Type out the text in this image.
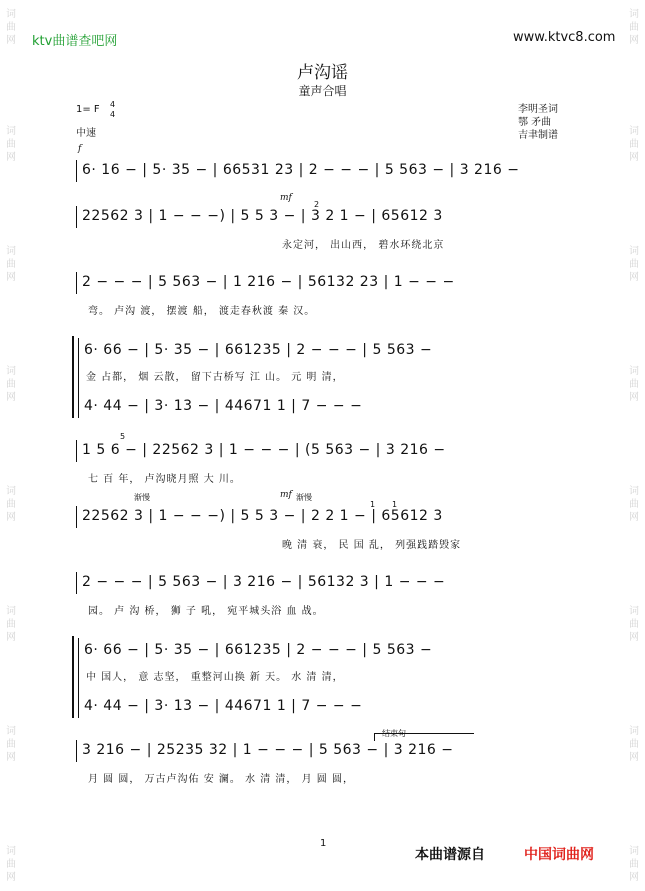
词
曲
网
词
曲
网
词
曲
网
词
曲
网
词
曲
网
词
曲
网
词
曲
网
词
曲
网
词
曲
网
词
曲
网
词
曲
网
词
曲
网
词
曲
网
词
曲
网
词
曲
网
词
曲
网
ktv曲谱查吧网	www.ktvc8.com
卢沟谣
童声合唱
1= F 4
4
中速
f
李明圣词
鄂 矛曲
吉聿制谱
6· 16 − | 5· 35 − | 66531 23 | 2 − − − | 5 563 − | 3 216 −
mf
2
22562 3 | 1 − − −) | 5 5 3 − | 3 2 1 − | 65612 3
永定河， 出山西， 碧水环绕北京
2 − − − | 5 563 − | 1 216 − | 56132 23 | 1 − − −
弯。 卢沟 渡， 摆渡 船， 渡走春秋渡 秦 汉。
6· 66 − | 5· 35 − | 661235 | 2 − − − | 5 563 −
金 占都， 烟 云散， 留下古桥写 江 山。 元 明 清，
4· 44 − | 3· 13 − | 44671 1 | 7 − − −
5
1 5 6 − | 22562 3 | 1 − − − | (5 563 − | 3 216 −
七 百 年， 卢沟晓月照 大 川。
渐慢	mf 渐慢
1 1
22562 3 | 1 − − −) | 5 5 3 − | 2 2 1 − | 65612 3
晚 清 衰， 民 国 乱， 列强践踏毁家
2 − − − | 5 563 − | 3 216 − | 56132 3 | 1 − − −
园。 卢 沟 桥， 狮 子 吼， 宛平城头浴 血 战。
6· 66 − | 5· 35 − | 661235 | 2 − − − | 5 563 −
中 国人， 意 志坚， 重整河山换 新 天。 水 清 清，
4· 44 − | 3· 13 − | 44671 1 | 7 − − −
3 216 − | 25235 32 | 1 − − − | 5 563 − | 3 216 −
月 圆 圆， 万古卢沟佑 安 澜。 水 清 清， 月 圆 圆，
1
本曲谱源自	中国词曲网
